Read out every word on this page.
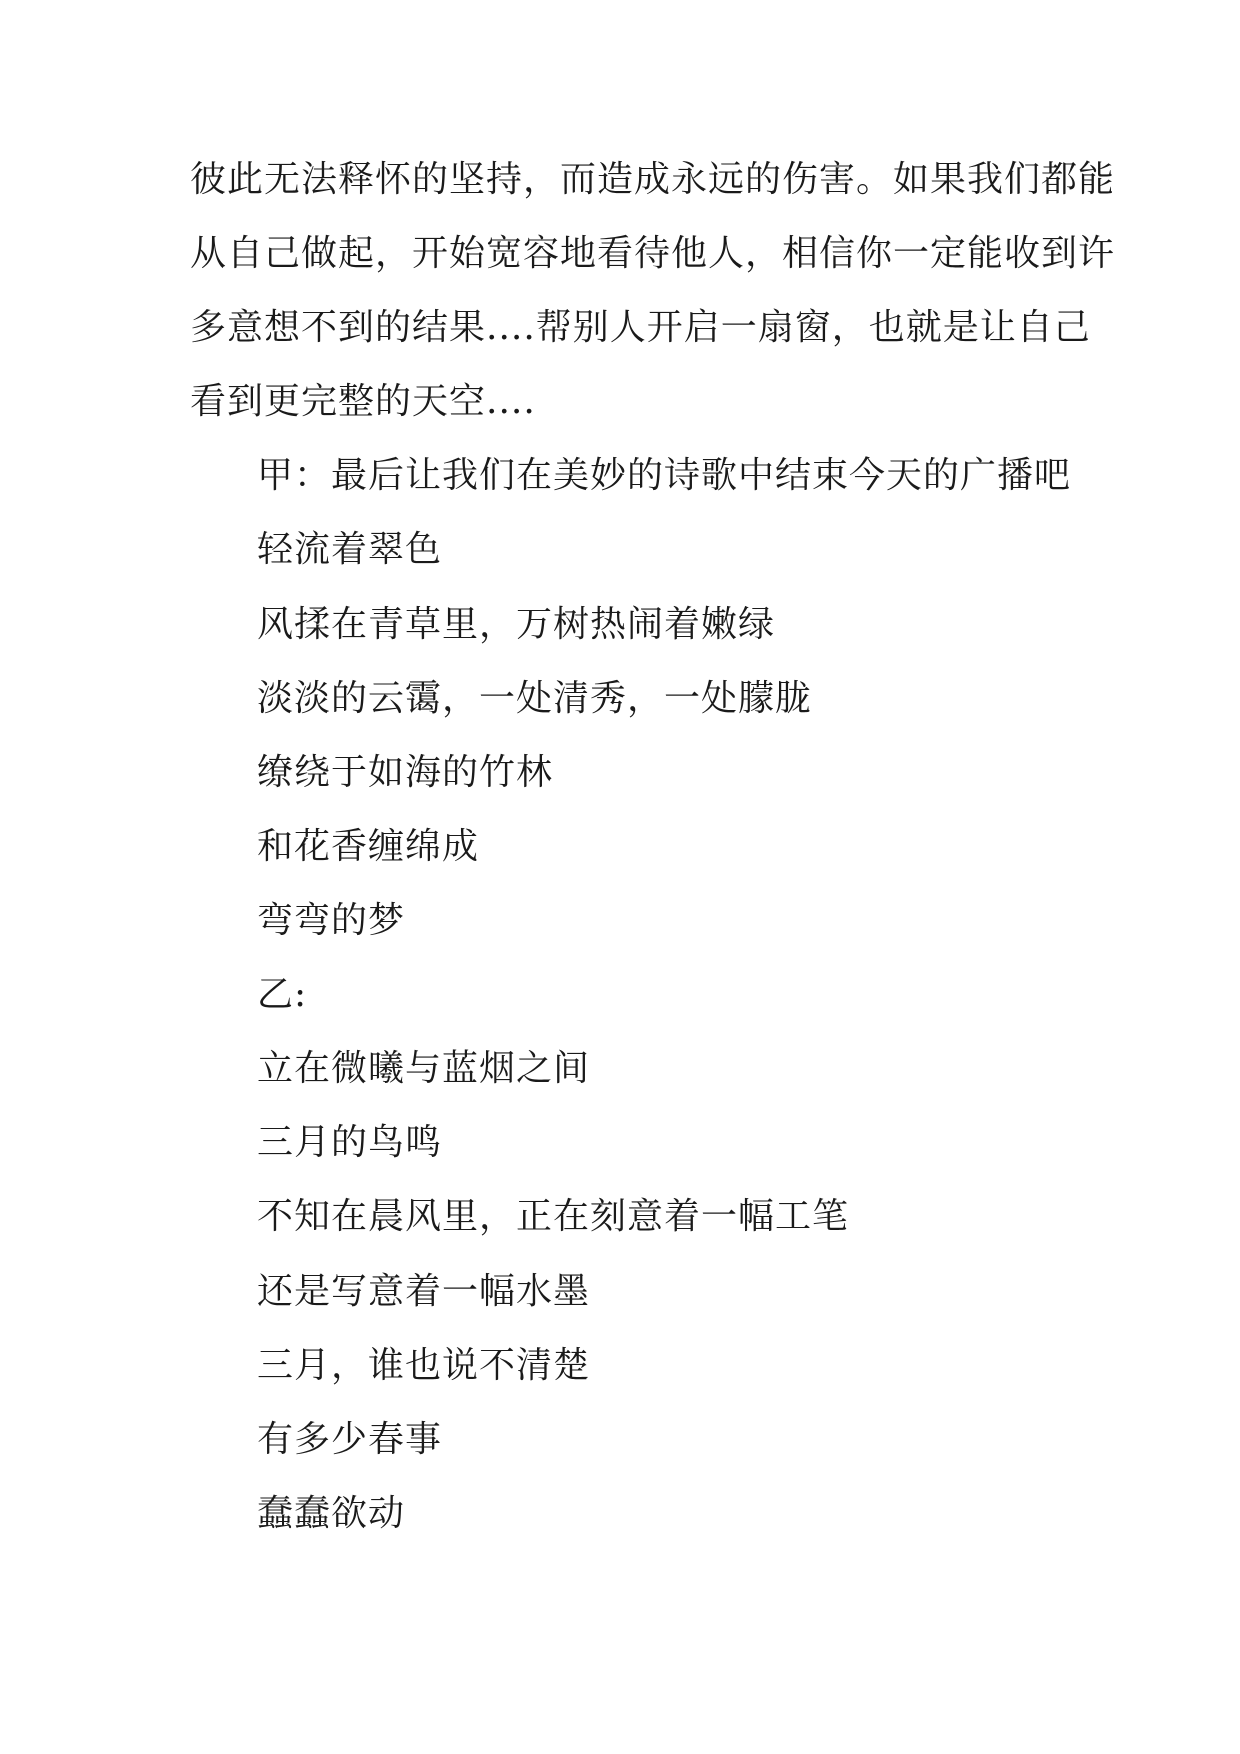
彼此无法释怀的坚持，而造成永远的伤害。如果我们都能
从自己做起，开始宽容地看待他人，相信你一定能收到许
多意想不到的结果....帮别人开启一扇窗，也就是让自己
看到更完整的天空....
甲：最后让我们在美妙的诗歌中结束今天的广播吧
轻流着翠色
风揉在青草里，万树热闹着嫩绿
淡淡的云霭，一处清秀，一处朦胧
缭绕于如海的竹林
和花香缠绵成
弯弯的梦
乙:
立在微曦与蓝烟之间
三月的鸟鸣
不知在晨风里，正在刻意着一幅工笔
还是写意着一幅水墨
三月，谁也说不清楚
有多少春事
蠢蠢欲动
